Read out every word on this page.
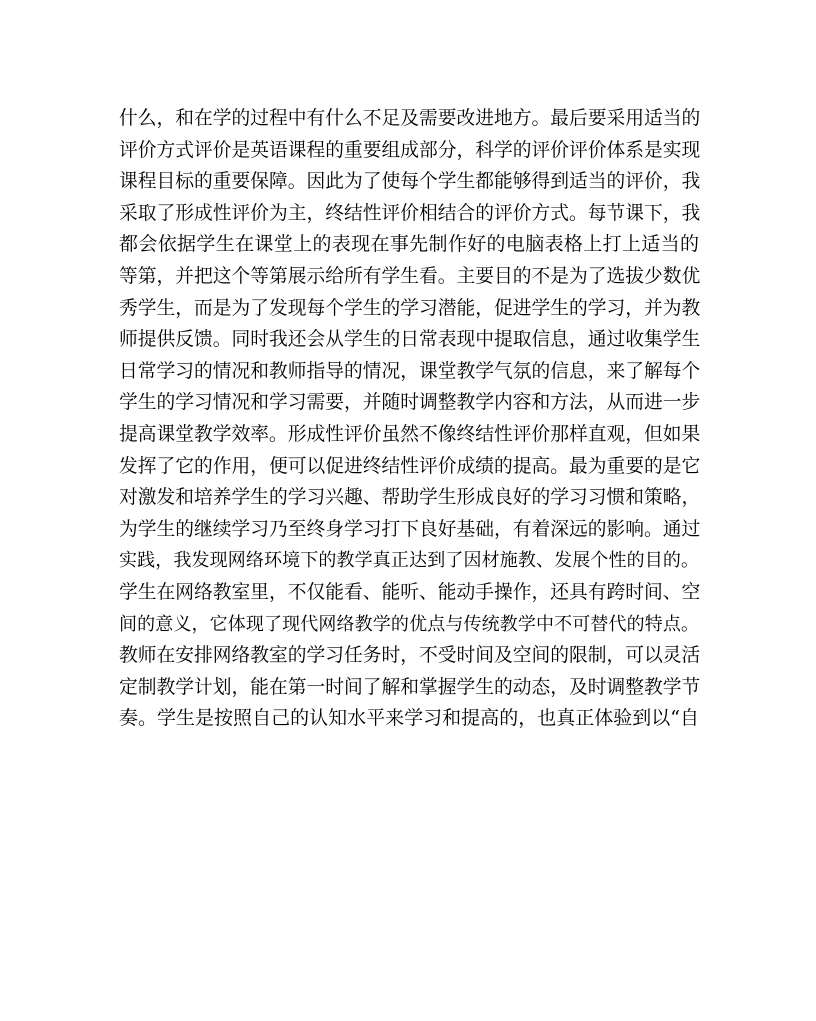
什么，和在学的过程中有什么不足及需要改进地方。最后要采用适当的
评价方式评价是英语课程的重要组成部分，科学的评价评价体系是实现
课程目标的重要保障。因此为了使每个学生都能够得到适当的评价，我
采取了形成性评价为主，终结性评价相结合的评价方式。每节课下，我
都会依据学生在课堂上的表现在事先制作好的电脑表格上打上适当的
等第，并把这个等第展示给所有学生看。主要目的不是为了选拔少数优
秀学生，而是为了发现每个学生的学习潜能，促进学生的学习，并为教
师提供反馈。同时我还会从学生的日常表现中提取信息，通过收集学生
日常学习的情况和教师指导的情况，课堂教学气氛的信息，来了解每个
学生的学习情况和学习需要，并随时调整教学内容和方法，从而进一步
提高课堂教学效率。形成性评价虽然不像终结性评价那样直观，但如果
发挥了它的作用，便可以促进终结性评价成绩的提高。最为重要的是它
对激发和培养学生的学习兴趣、帮助学生形成良好的学习习惯和策略，
为学生的继续学习乃至终身学习打下良好基础，有着深远的影响。通过
实践，我发现网络环境下的教学真正达到了因材施教、发展个性的目的。
学生在网络教室里，不仅能看、能听、能动手操作，还具有跨时间、空
间的意义，它体现了现代网络教学的优点与传统教学中不可替代的特点。
教师在安排网络教室的学习任务时，不受时间及空间的限制，可以灵活
定制教学计划，能在第一时间了解和掌握学生的动态，及时调整教学节
奏。学生是按照自己的认知水平来学习和提高的，也真正体验到以“自
